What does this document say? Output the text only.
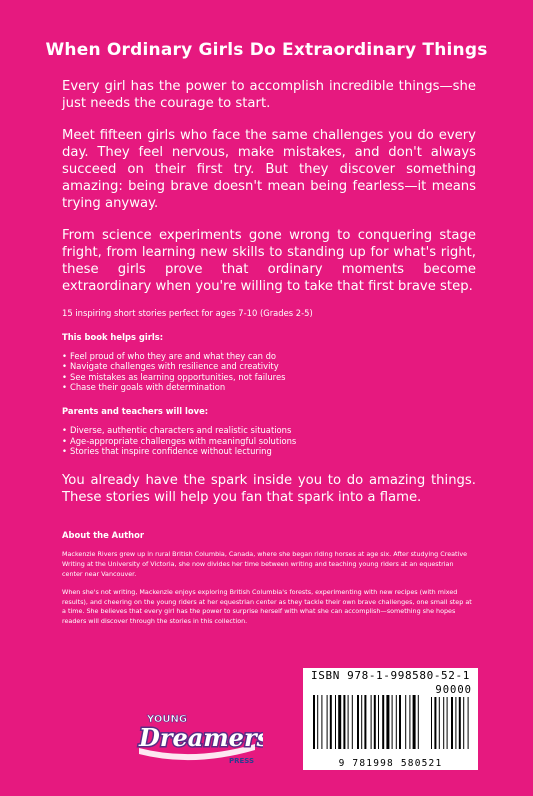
When Ordinary Girls Do Extraordinary Things

Every girl has the power to accomplish incredible things—she just needs the courage to start.

Meet fifteen girls who face the same challenges you do every day. They feel nervous, make mistakes, and don't always succeed on their first try. But they discover something amazing: being brave doesn't mean being fearless—it means trying anyway.

From science experiments gone wrong to conquering stage fright, from learning new skills to standing up for what's right, these girls prove that ordinary moments become extraordinary when you're willing to take that first brave step.

15 inspiring short stories perfect for ages 7-10 (Grades 2-5)

This book helps girls:

• Feel proud of who they are and what they can do
• Navigate challenges with resilience and creativity
• See mistakes as learning opportunities, not failures
• Chase their goals with determination

Parents and teachers will love:

• Diverse, authentic characters and realistic situations
• Age-appropriate challenges with meaningful solutions
• Stories that inspire confidence without lecturing

You already have the spark inside you to do amazing things. These stories will help you fan that spark into a flame.

About the Author

Mackenzie Rivers grew up in rural British Columbia, Canada, where she began riding horses at age six. After studying Creative Writing at the University of Victoria, she now divides her time between writing and teaching young riders at an equestrian center near Vancouver.

When she's not writing, Mackenzie enjoys exploring British Columbia's forests, experimenting with new recipes (with mixed results), and cheering on the young riders at her equestrian center as they tackle their own brave challenges, one small step at a time. She believes that every girl has the power to surprise herself with what she can accomplish—something she hopes readers will discover through the stories in this collection.

YOUNG
Dreamers
PRESS
ISBN 978-1-998580-52-1
90000
9 781998 580521
